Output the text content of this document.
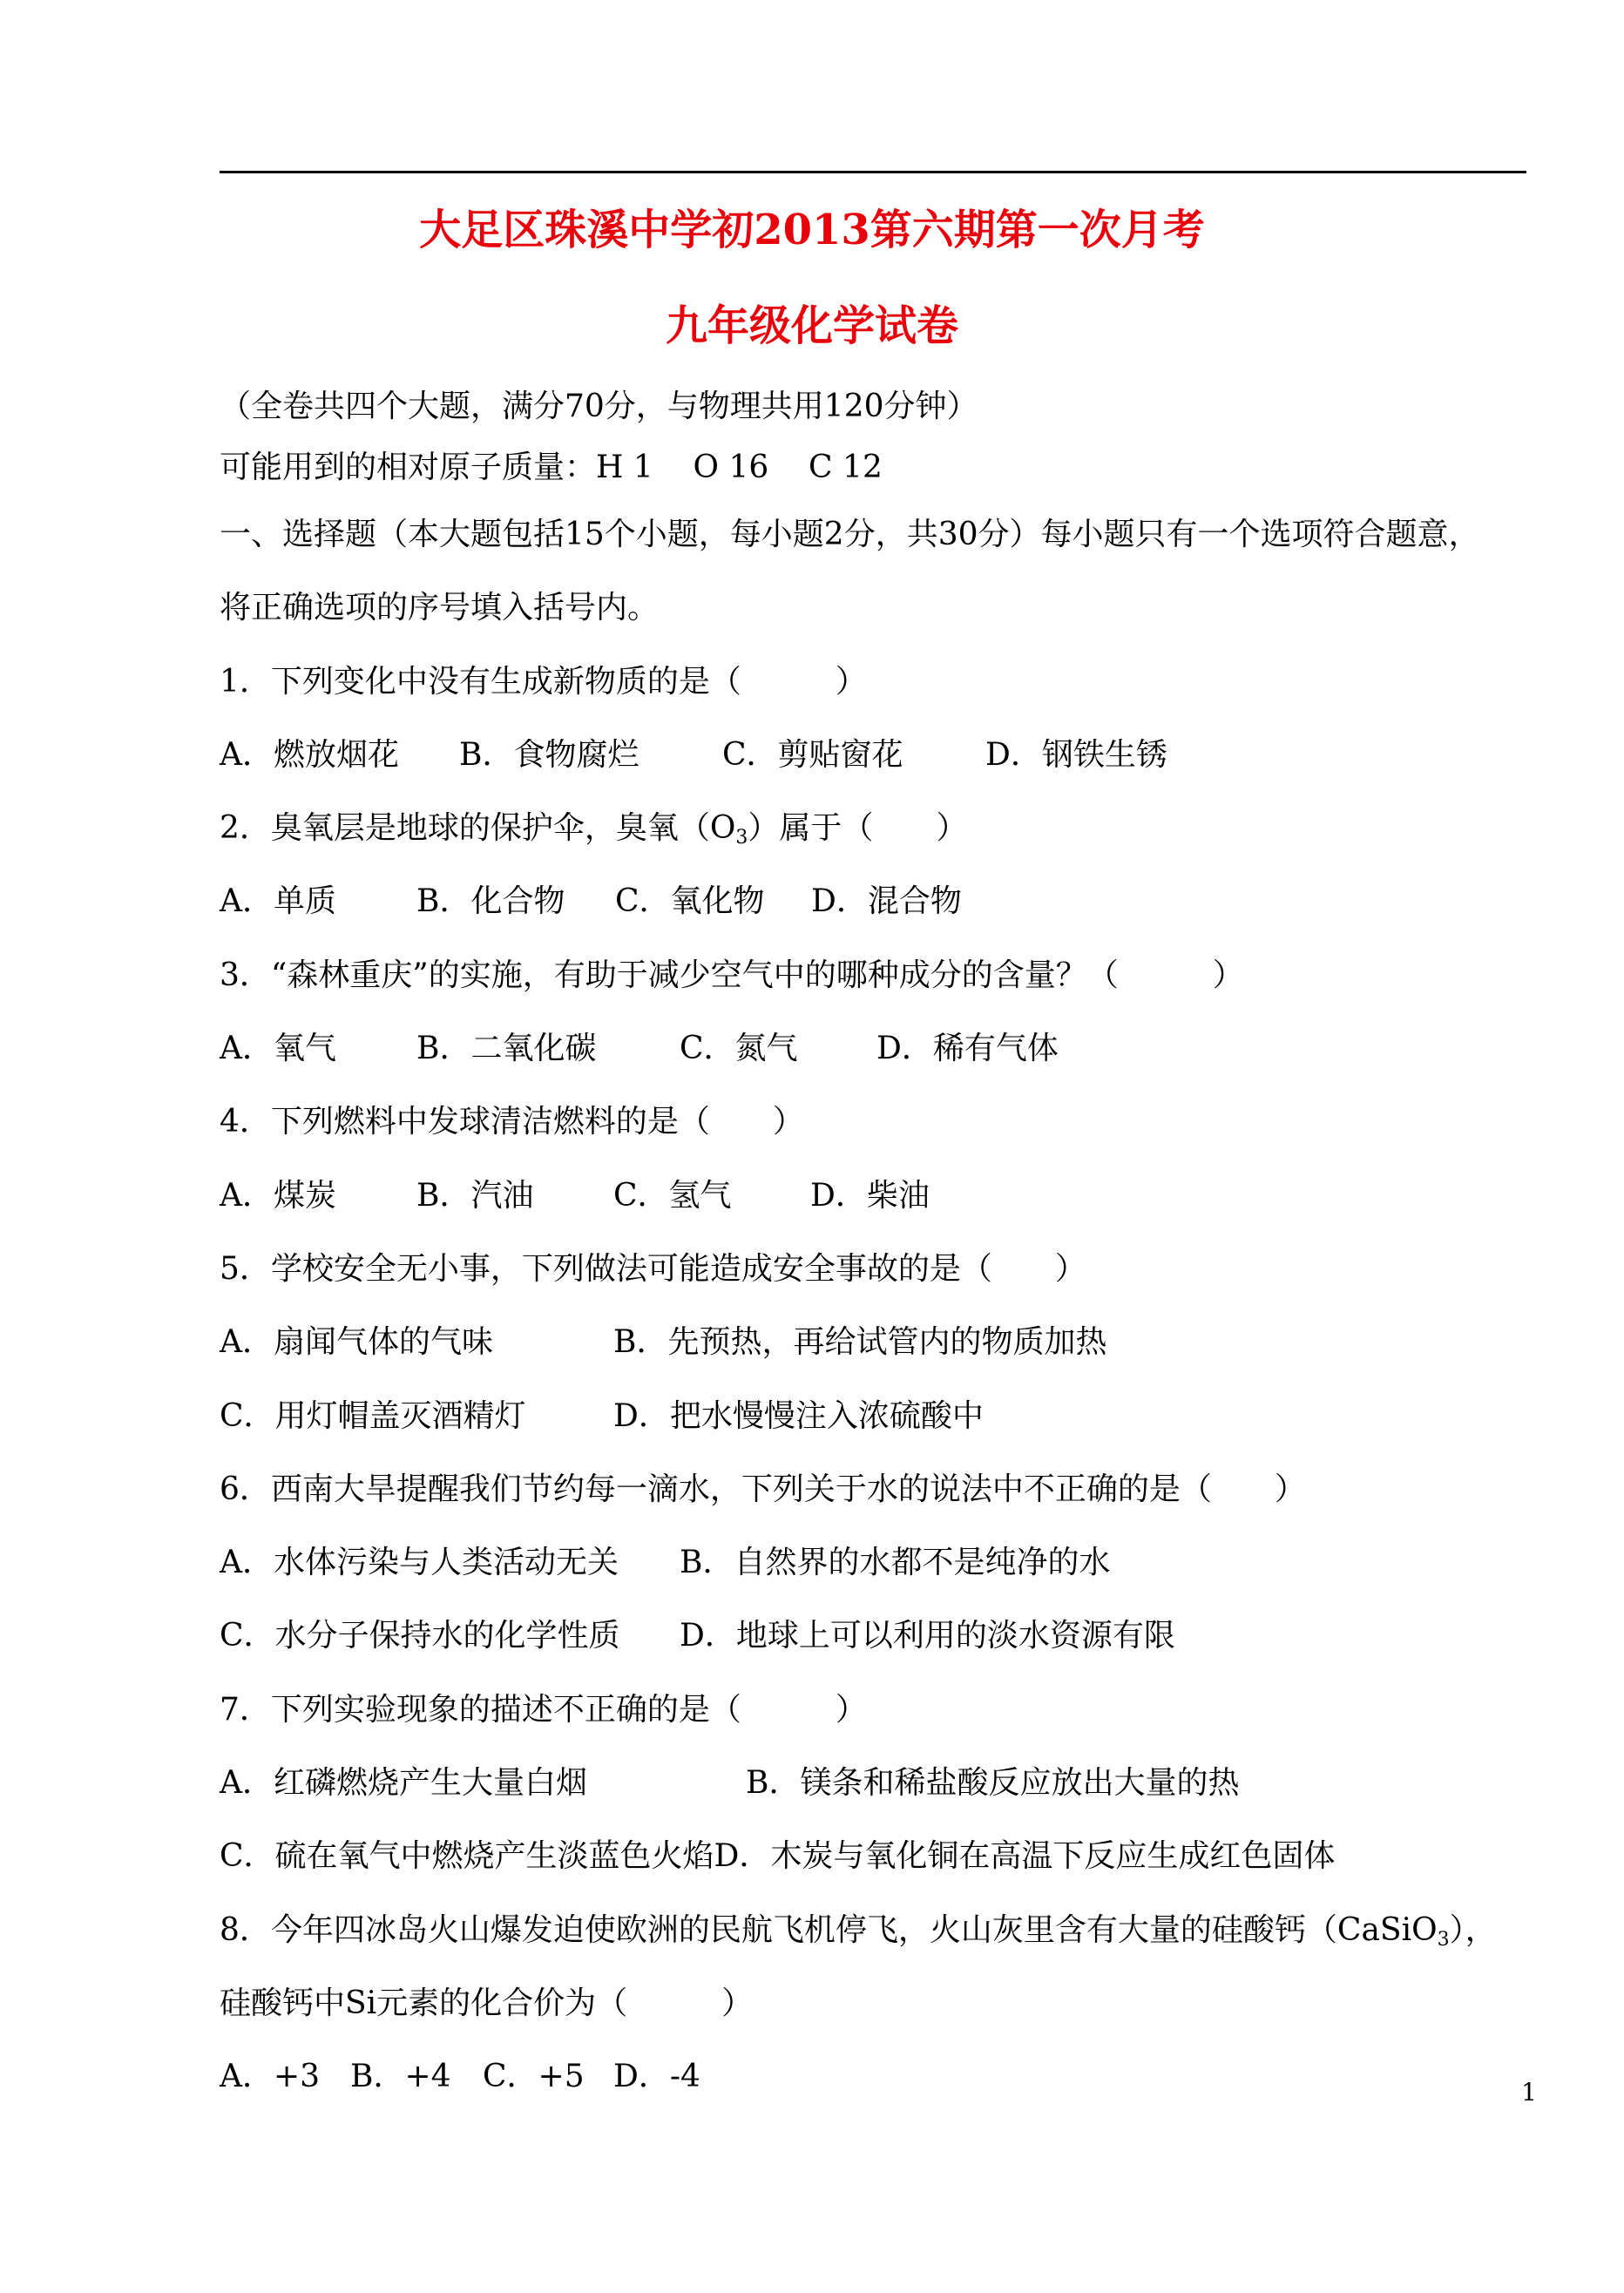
大足区珠溪中学初2013第六期第一次月考
九年级化学试卷
（全卷共四个大题，满分70分，与物理共用120分钟）
可能用到的相对原子质量：H 1    O 16    C 12
一、选择题（本大题包括15个小题，每小题2分，共30分）每小题只有一个选项符合题意，
将正确选项的序号填入括号内。
1．下列变化中没有生成新物质的是（　　　）
A．燃放烟花 B．食物腐烂	C．剪贴窗花	D．钢铁生锈
2．臭氧层是地球的保护伞，臭氧$(O_3)$属于（　　）
A．单质	B．化合物 C．氧化物 D．混合物
3．“森林重庆”的实施，有助于减少空气中的哪种成分的含量？（　　　）
A．氧气	B．二氧化碳	C．氮气	D．稀有气体
4．下列燃料中发球清洁燃料的是（　　）
A．煤炭	B．汽油	C．氢气	D．柴油
5．学校安全无小事，下列做法可能造成安全事故的是（　　）
A．扇闻气体的气味	B．先预热，再给试管内的物质加热
C．用灯帽盖灭酒精灯	D．把水慢慢注入浓硫酸中
6．西南大旱提醒我们节约每一滴水，下列关于水的说法中不正确的是（　　）
A．水体污染与人类活动无关 B．自然界的水都不是纯净的水
C．水分子保持水的化学性质 D．地球上可以利用的淡水资源有限
7．下列实验现象的描述不正确的是（　　　）
A．红磷燃烧产生大量白烟	B．镁条和稀盐酸反应放出大量的热
C．硫在氧气中燃烧产生淡蓝色火焰D．木炭与氧化铜在高温下反应生成红色固体
8．今年四冰岛火山爆发迫使欧洲的民航飞机停飞，火山灰里含有大量的硅酸钙（CaSiO$_3$），
硅酸钙中Si元素的化合价为（　　　）
A．+3 B．+4 C．+5 D．-4	1
